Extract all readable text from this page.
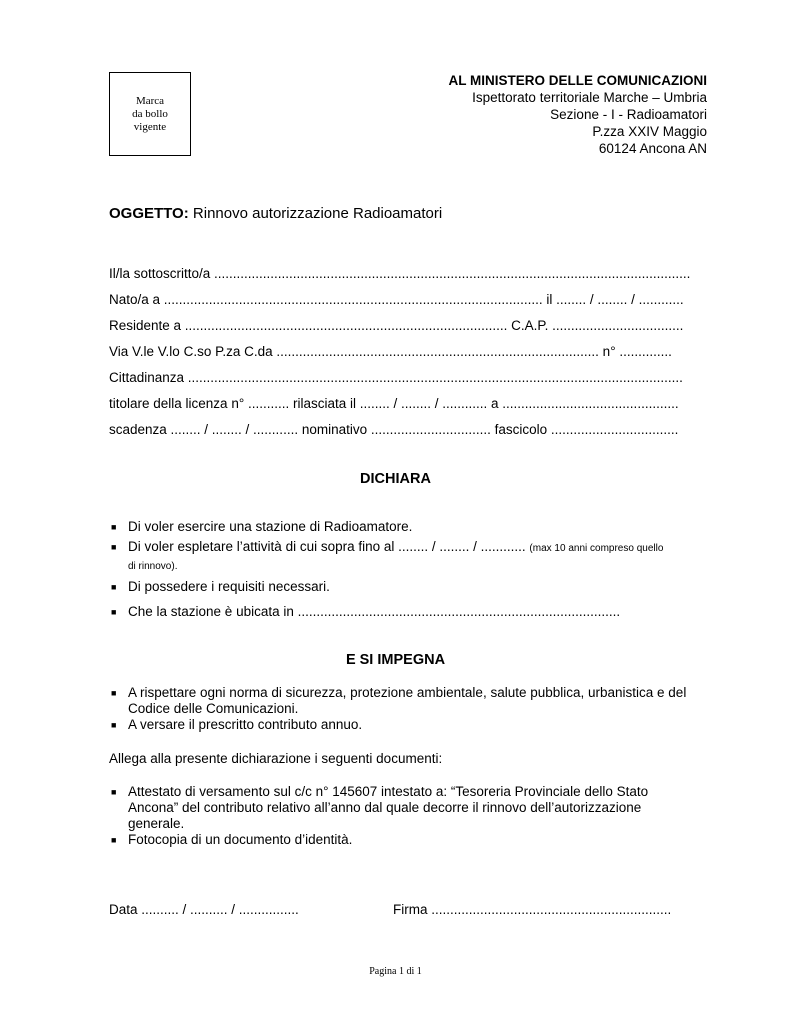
Marca
da bollo
vigente
AL MINISTERO DELLE COMUNICAZIONI
Ispettorato territoriale Marche – Umbria
Sezione - I - Radioamatori
P.zza XXIV Maggio
60124 Ancona AN
OGGETTO: Rinnovo autorizzazione Radioamatori
Il/la sottoscritto/a ...............................................................................................................................
Nato/a a ..................................................................................................... il ........ / ........ / ............
Residente a ...................................................................................... C.A.P. ...................................
Via V.le V.lo C.so P.za C.da ...................................................................................... n° ..............
Cittadinanza ....................................................................................................................................
titolare della licenza n° ........... rilasciata il ........ / ........ / ............ a ...............................................
scadenza ........ / ........ / ............ nominativo ................................ fascicolo ..................................
DICHIARA
■ Di voler esercire una stazione di Radioamatore.
■ Di voler espletare l’attività di cui sopra fino al ........ / ........ / ............ (max 10 anni compreso quello
di rinnovo).
■ Di possedere i requisiti necessari.
■ Che la stazione è ubicata in ......................................................................................
E SI IMPEGNA
■ A rispettare ogni norma di sicurezza, protezione ambientale, salute pubblica, urbanistica e del Codice delle Comunicazioni.
■ A versare il prescritto contributo annuo.
Allega alla presente dichiarazione i seguenti documenti:
■ Attestato di versamento sul c/c n° 145607 intestato a: “Tesoreria Provinciale dello Stato Ancona” del contributo relativo all’anno dal quale decorre il rinnovo dell’autorizzazione generale.
■ Fotocopia di un documento d’identità.
Data .......... / .......... / ................	Firma ................................................................
Pagina 1 di 1
